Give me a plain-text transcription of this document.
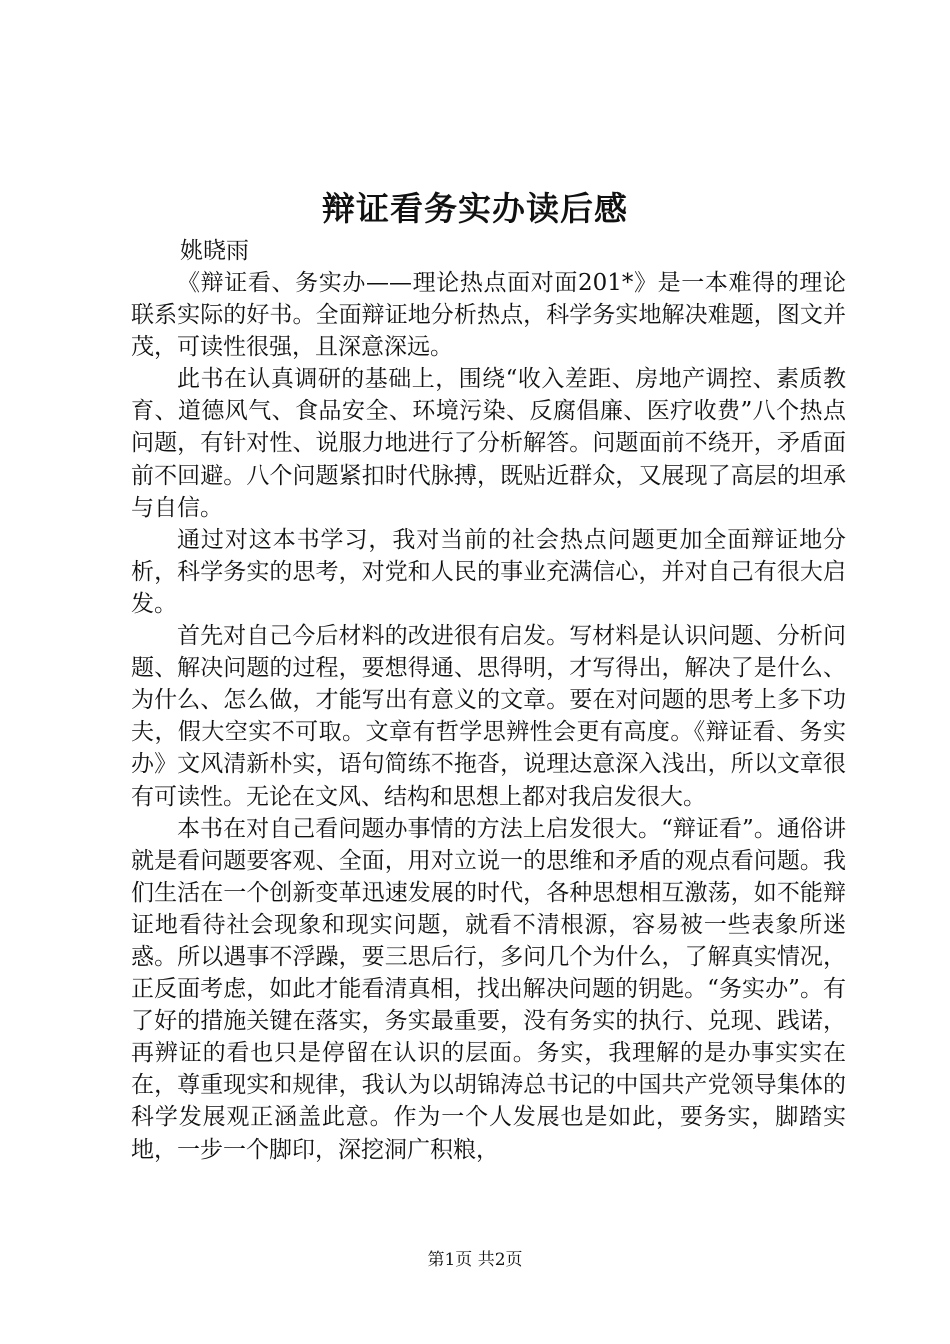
辩证看务实办读后感

姚晓雨

《辩证看、务实办——理论热点面对面201*》是一本难得的理论联系实际的好书。全面辩证地分析热点，科学务实地解决难题，图文并茂，可读性很强，且深意深远。

此书在认真调研的基础上，围绕“收入差距、房地产调控、素质教育、道德风气、食品安全、环境污染、反腐倡廉、医疗收费”八个热点问题，有针对性、说服力地进行了分析解答。问题面前不绕开，矛盾面前不回避。八个问题紧扣时代脉搏，既贴近群众，又展现了高层的坦承与自信。

通过对这本书学习，我对当前的社会热点问题更加全面辩证地分析，科学务实的思考，对党和人民的事业充满信心，并对自己有很大启发。

首先对自己今后材料的改进很有启发。写材料是认识问题、分析问题、解决问题的过程，要想得通、思得明，才写得出，解决了是什么、为什么、怎么做，才能写出有意义的文章。要在对问题的思考上多下功夫，假大空实不可取。文章有哲学思辨性会更有高度。《辩证看、务实办》文风清新朴实，语句简练不拖沓，说理达意深入浅出，所以文章很有可读性。无论在文风、结构和思想上都对我启发很大。

本书在对自己看问题办事情的方法上启发很大。“辩证看”。通俗讲就是看问题要客观、全面，用对立说一的思维和矛盾的观点看问题。我们生活在一个创新变革迅速发展的时代，各种思想相互激荡，如不能辩证地看待社会现象和现实问题，就看不清根源，容易被一些表象所迷惑。所以遇事不浮躁，要三思后行，多问几个为什么，了解真实情况，正反面考虑，如此才能看清真相，找出解决问题的钥匙。“务实办”。有了好的措施关键在落实，务实最重要，没有务实的执行、兑现、践诺，再辨证的看也只是停留在认识的层面。务实，我理解的是办事实实在在，尊重现实和规律，我认为以胡锦涛总书记的中国共产党领导集体的科学发展观正涵盖此意。作为一个人发展也是如此，要务实，脚踏实地，一步一个脚印，深挖洞广积粮，

第1页 共2页
